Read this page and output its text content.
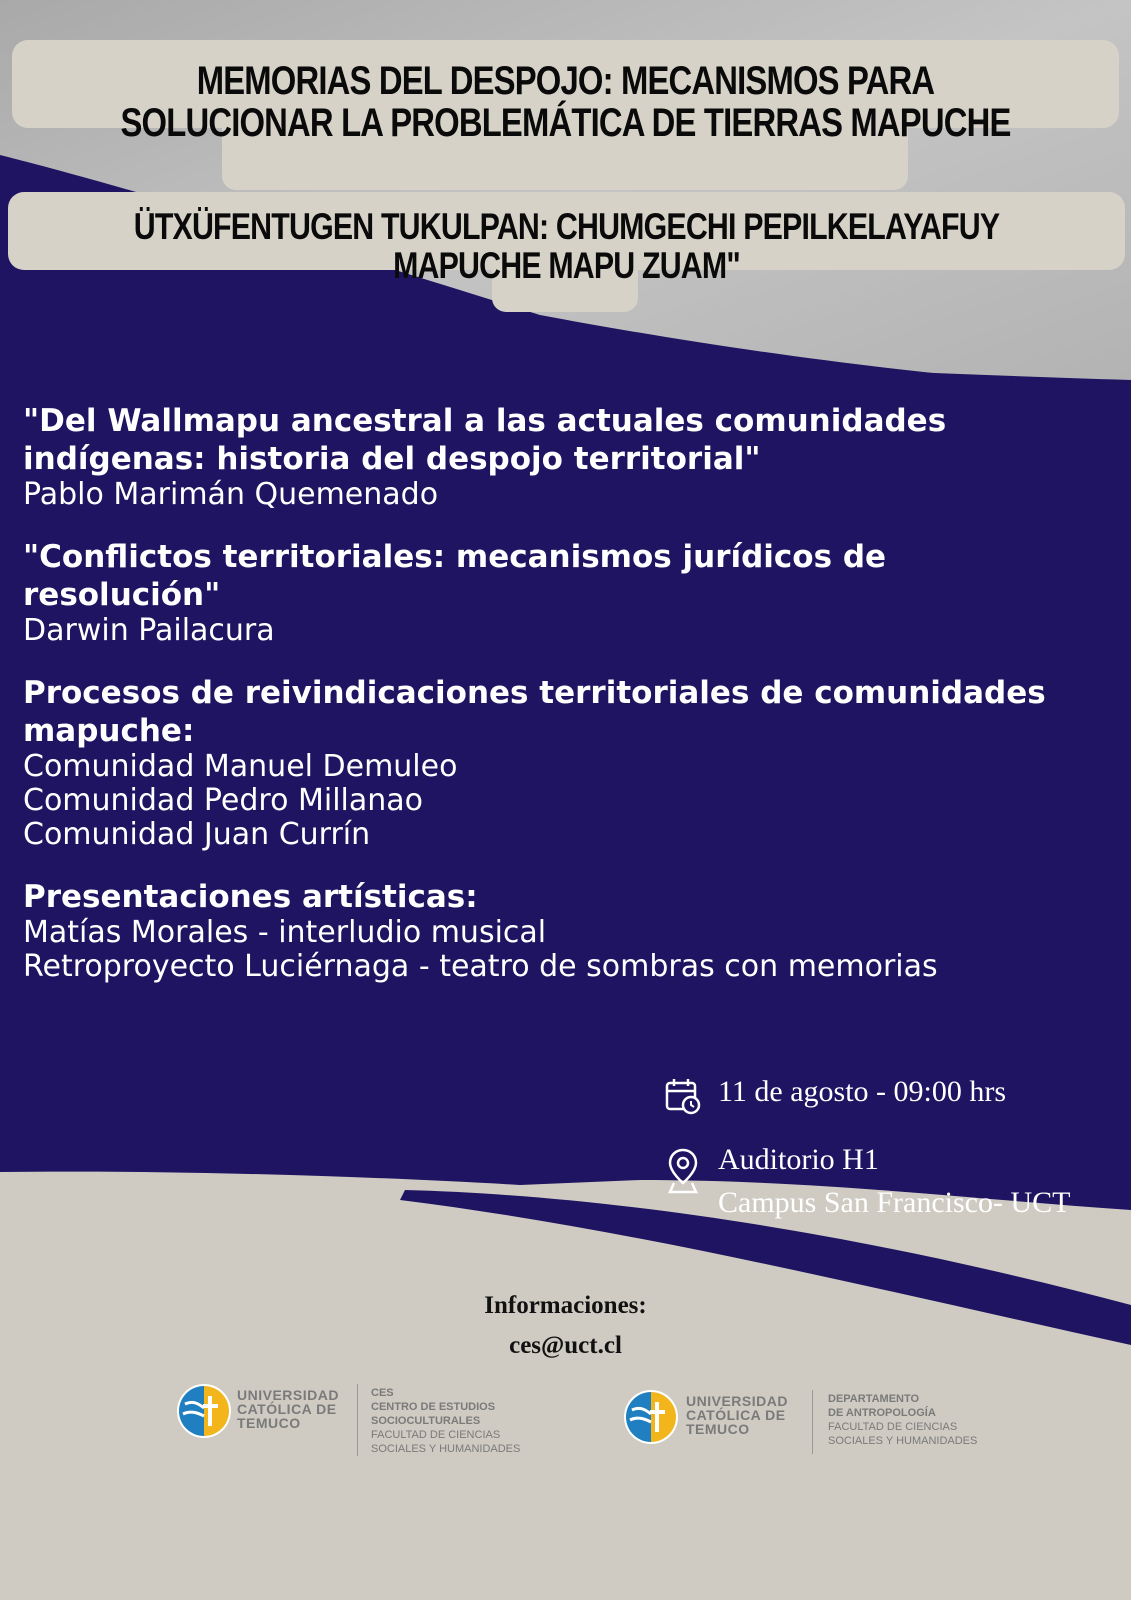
MEMORIAS DEL DESPOJO: MECANISMOS PARA SOLUCIONAR LA PROBLEMÁTICA DE TIERRAS MAPUCHE
ÜTXÜFENTUGEN TUKULPAN: CHUMGECHI PEPILKELAYAFUY MAPUCHE MAPU ZUAM"
"Del Wallmapu ancestral a las actuales comunidades
indígenas: historia del despojo territorial"
Pablo Marimán Quemenado
"Conflictos territoriales: mecanismos jurídicos de
resolución"
Darwin Pailacura
Procesos de reivindicaciones territoriales de comunidades
mapuche:
Comunidad Manuel Demuleo
Comunidad Pedro Millanao
Comunidad Juan Currín
Presentaciones artísticas:
Matías Morales - interludio musical
Retroproyecto Luciérnaga - teatro de sombras con memorias
11 de agosto - 09:00 hrs
Auditorio H1
Campus San Francisco- UCT
Informaciones:
ces@uct.cl
UNIVERSIDAD
CATÓLICA DE
TEMUCO
CES
CENTRO DE ESTUDIOS
SOCIOCULTURALES
FACULTAD DE CIENCIAS
SOCIALES Y HUMANIDADES
UNIVERSIDAD
CATÓLICA DE
TEMUCO
DEPARTAMENTO
DE ANTROPOLOGÍA
FACULTAD DE CIENCIAS
SOCIALES Y HUMANIDADES
